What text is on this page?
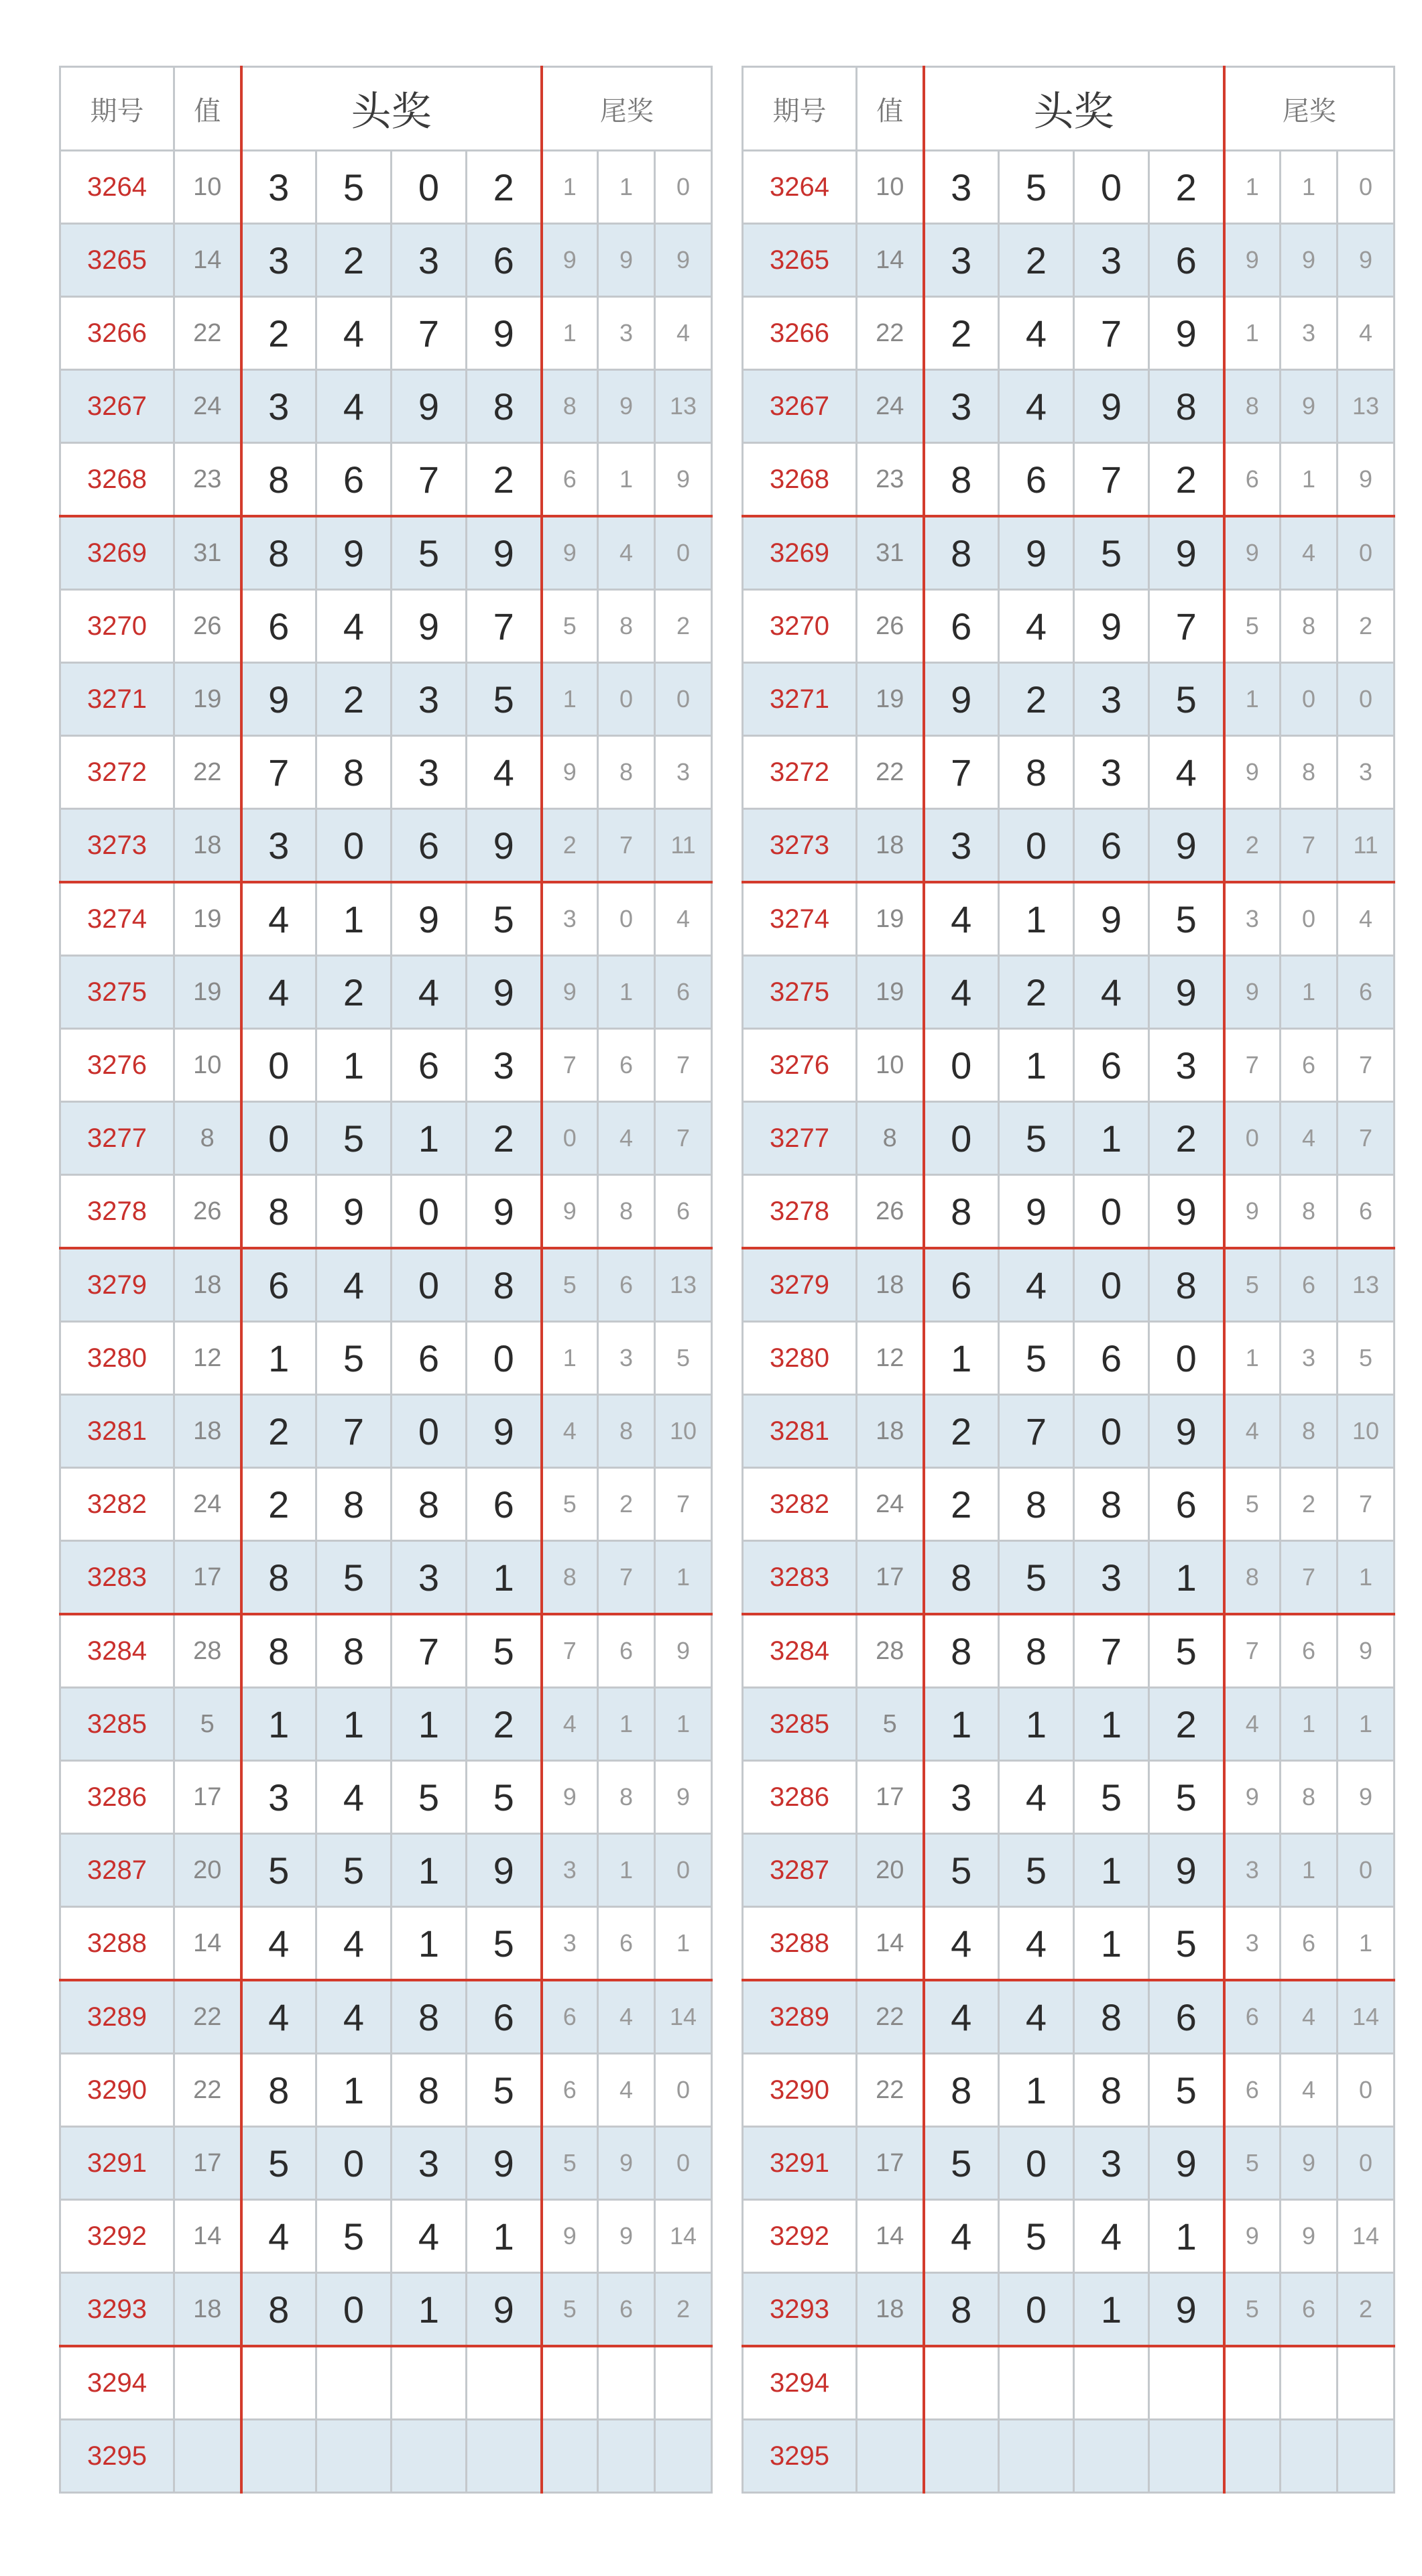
期号	值	头奖				尾奖		
3264	10	3	5	0	2	1	1	0
3265	14	3	2	3	6	9	9	9
3266	22	2	4	7	9	1	3	4
3267	24	3	4	9	8	8	9	13
3268	23	8	6	7	2	6	1	9
3269	31	8	9	5	9	9	4	0
3270	26	6	4	9	7	5	8	2
3271	19	9	2	3	5	1	0	0
3272	22	7	8	3	4	9	8	3
3273	18	3	0	6	9	2	7	11
3274	19	4	1	9	5	3	0	4
3275	19	4	2	4	9	9	1	6
3276	10	0	1	6	3	7	6	7
3277	8	0	5	1	2	0	4	7
3278	26	8	9	0	9	9	8	6
3279	18	6	4	0	8	5	6	13
3280	12	1	5	6	0	1	3	5
3281	18	2	7	0	9	4	8	10
3282	24	2	8	8	6	5	2	7
3283	17	8	5	3	1	8	7	1
3284	28	8	8	7	5	7	6	9
3285	5	1	1	1	2	4	1	1
3286	17	3	4	5	5	9	8	9
3287	20	5	5	1	9	3	1	0
3288	14	4	4	1	5	3	6	1
3289	22	4	4	8	6	6	4	14
3290	22	8	1	8	5	6	4	0
3291	17	5	0	3	9	5	9	0
3292	14	4	5	4	1	9	9	14
3293	18	8	0	1	9	5	6	2
3294								
3295								
期号	值	头奖				尾奖		
3264	10	3	5	0	2	1	1	0
3265	14	3	2	3	6	9	9	9
3266	22	2	4	7	9	1	3	4
3267	24	3	4	9	8	8	9	13
3268	23	8	6	7	2	6	1	9
3269	31	8	9	5	9	9	4	0
3270	26	6	4	9	7	5	8	2
3271	19	9	2	3	5	1	0	0
3272	22	7	8	3	4	9	8	3
3273	18	3	0	6	9	2	7	11
3274	19	4	1	9	5	3	0	4
3275	19	4	2	4	9	9	1	6
3276	10	0	1	6	3	7	6	7
3277	8	0	5	1	2	0	4	7
3278	26	8	9	0	9	9	8	6
3279	18	6	4	0	8	5	6	13
3280	12	1	5	6	0	1	3	5
3281	18	2	7	0	9	4	8	10
3282	24	2	8	8	6	5	2	7
3283	17	8	5	3	1	8	7	1
3284	28	8	8	7	5	7	6	9
3285	5	1	1	1	2	4	1	1
3286	17	3	4	5	5	9	8	9
3287	20	5	5	1	9	3	1	0
3288	14	4	4	1	5	3	6	1
3289	22	4	4	8	6	6	4	14
3290	22	8	1	8	5	6	4	0
3291	17	5	0	3	9	5	9	0
3292	14	4	5	4	1	9	9	14
3293	18	8	0	1	9	5	6	2
3294								
3295								
